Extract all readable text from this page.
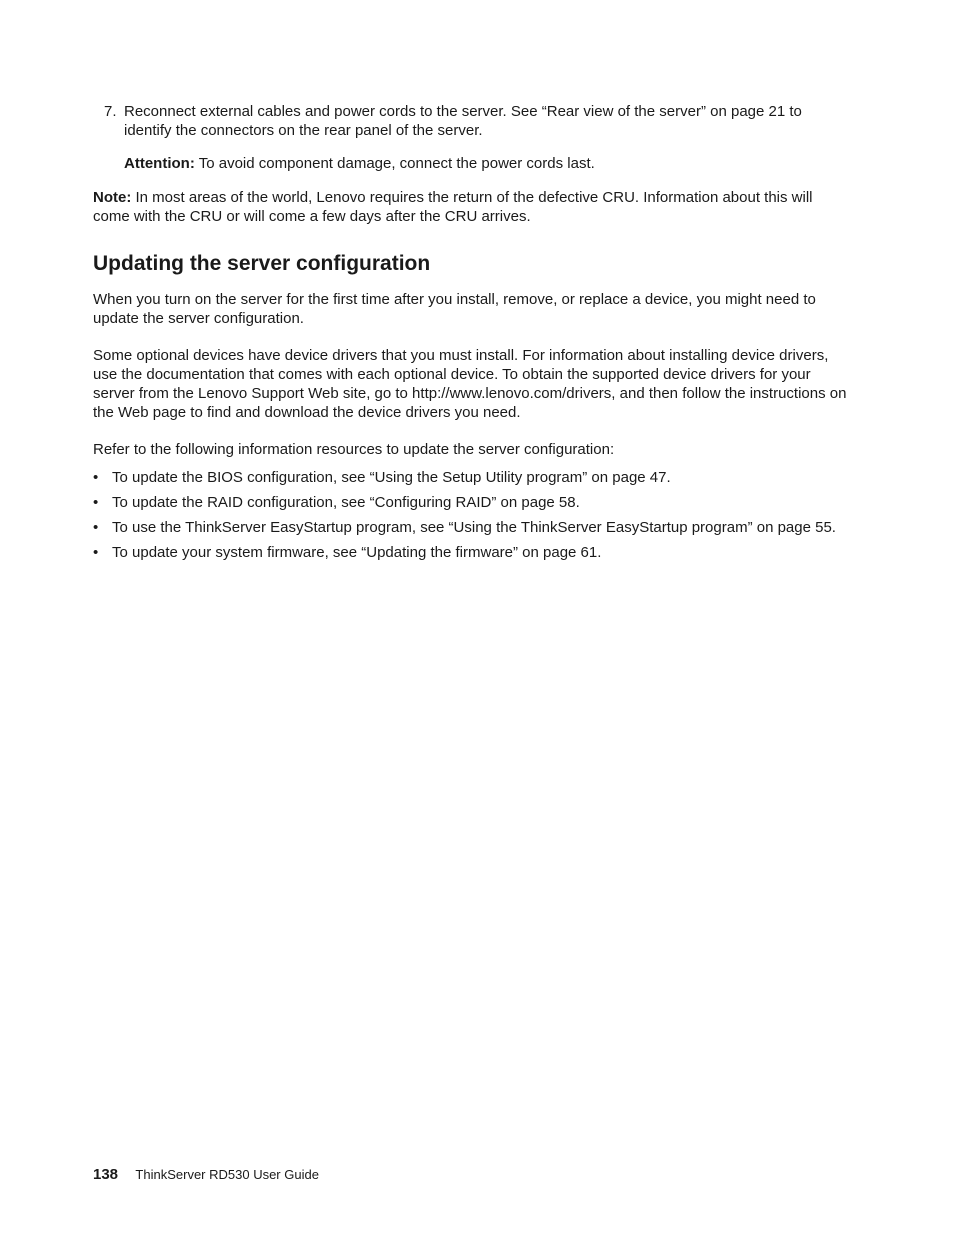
7. Reconnect external cables and power cords to the server. See “Rear view of the server” on page 21 to identify the connectors on the rear panel of the server.

Attention: To avoid component damage, connect the power cords last.

Note: In most areas of the world, Lenovo requires the return of the defective CRU. Information about this will come with the CRU or will come a few days after the CRU arrives.

Updating the server configuration

When you turn on the server for the first time after you install, remove, or replace a device, you might need to update the server configuration.

Some optional devices have device drivers that you must install. For information about installing device drivers, use the documentation that comes with each optional device. To obtain the supported device drivers for your server from the Lenovo Support Web site, go to http://www.lenovo.com/drivers, and then follow the instructions on the Web page to find and download the device drivers you need.

Refer to the following information resources to update the server configuration:

• To update the BIOS configuration, see “Using the Setup Utility program” on page 47.
• To update the RAID configuration, see “Configuring RAID” on page 58.
• To use the ThinkServer EasyStartup program, see “Using the ThinkServer EasyStartup program” on page 55.
• To update your system firmware, see “Updating the firmware” on page 61.
138 ThinkServer RD530 User Guide
